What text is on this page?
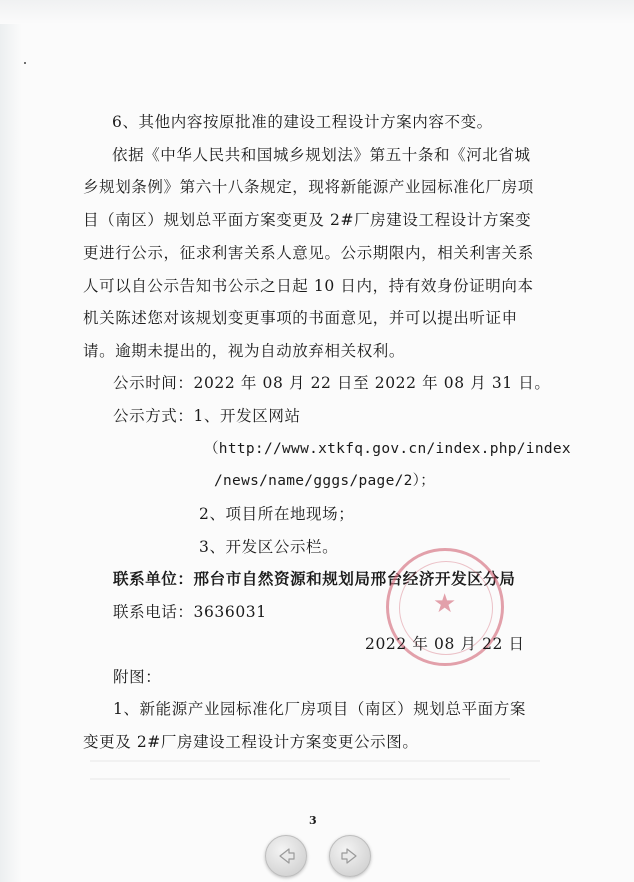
6、其他内容按原批准的建设工程设计方案内容不变。
依据《中华人民共和国城乡规划法》第五十条和《河北省城
乡规划条例》第六十八条规定，现将新能源产业园标准化厂房项
目（南区）规划总平面方案变更及 2#厂房建设工程设计方案变
更进行公示，征求利害关系人意见。公示期限内，相关利害关系
人可以自公示告知书公示之日起 10 日内，持有效身份证明向本
机关陈述您对该规划变更事项的书面意见，并可以提出听证申
请。逾期未提出的，视为自动放弃相关权利。
公示时间：2022 年 08 月 22 日至 2022 年 08 月 31 日。
公示方式：1、开发区网站
（http://www.xtkfq.gov.cn/index.php/index
/news/name/gggs/page/2）；
2、项目所在地现场；
3、开发区公示栏。
联系单位：邢台市自然资源和规划局邢台经济开发区分局
联系电话：3636031	★
2022 年 08 月 22 日
附图：
1、新能源产业园标准化厂房项目（南区）规划总平面方案
变更及 2#厂房建设工程设计方案变更公示图。
3
